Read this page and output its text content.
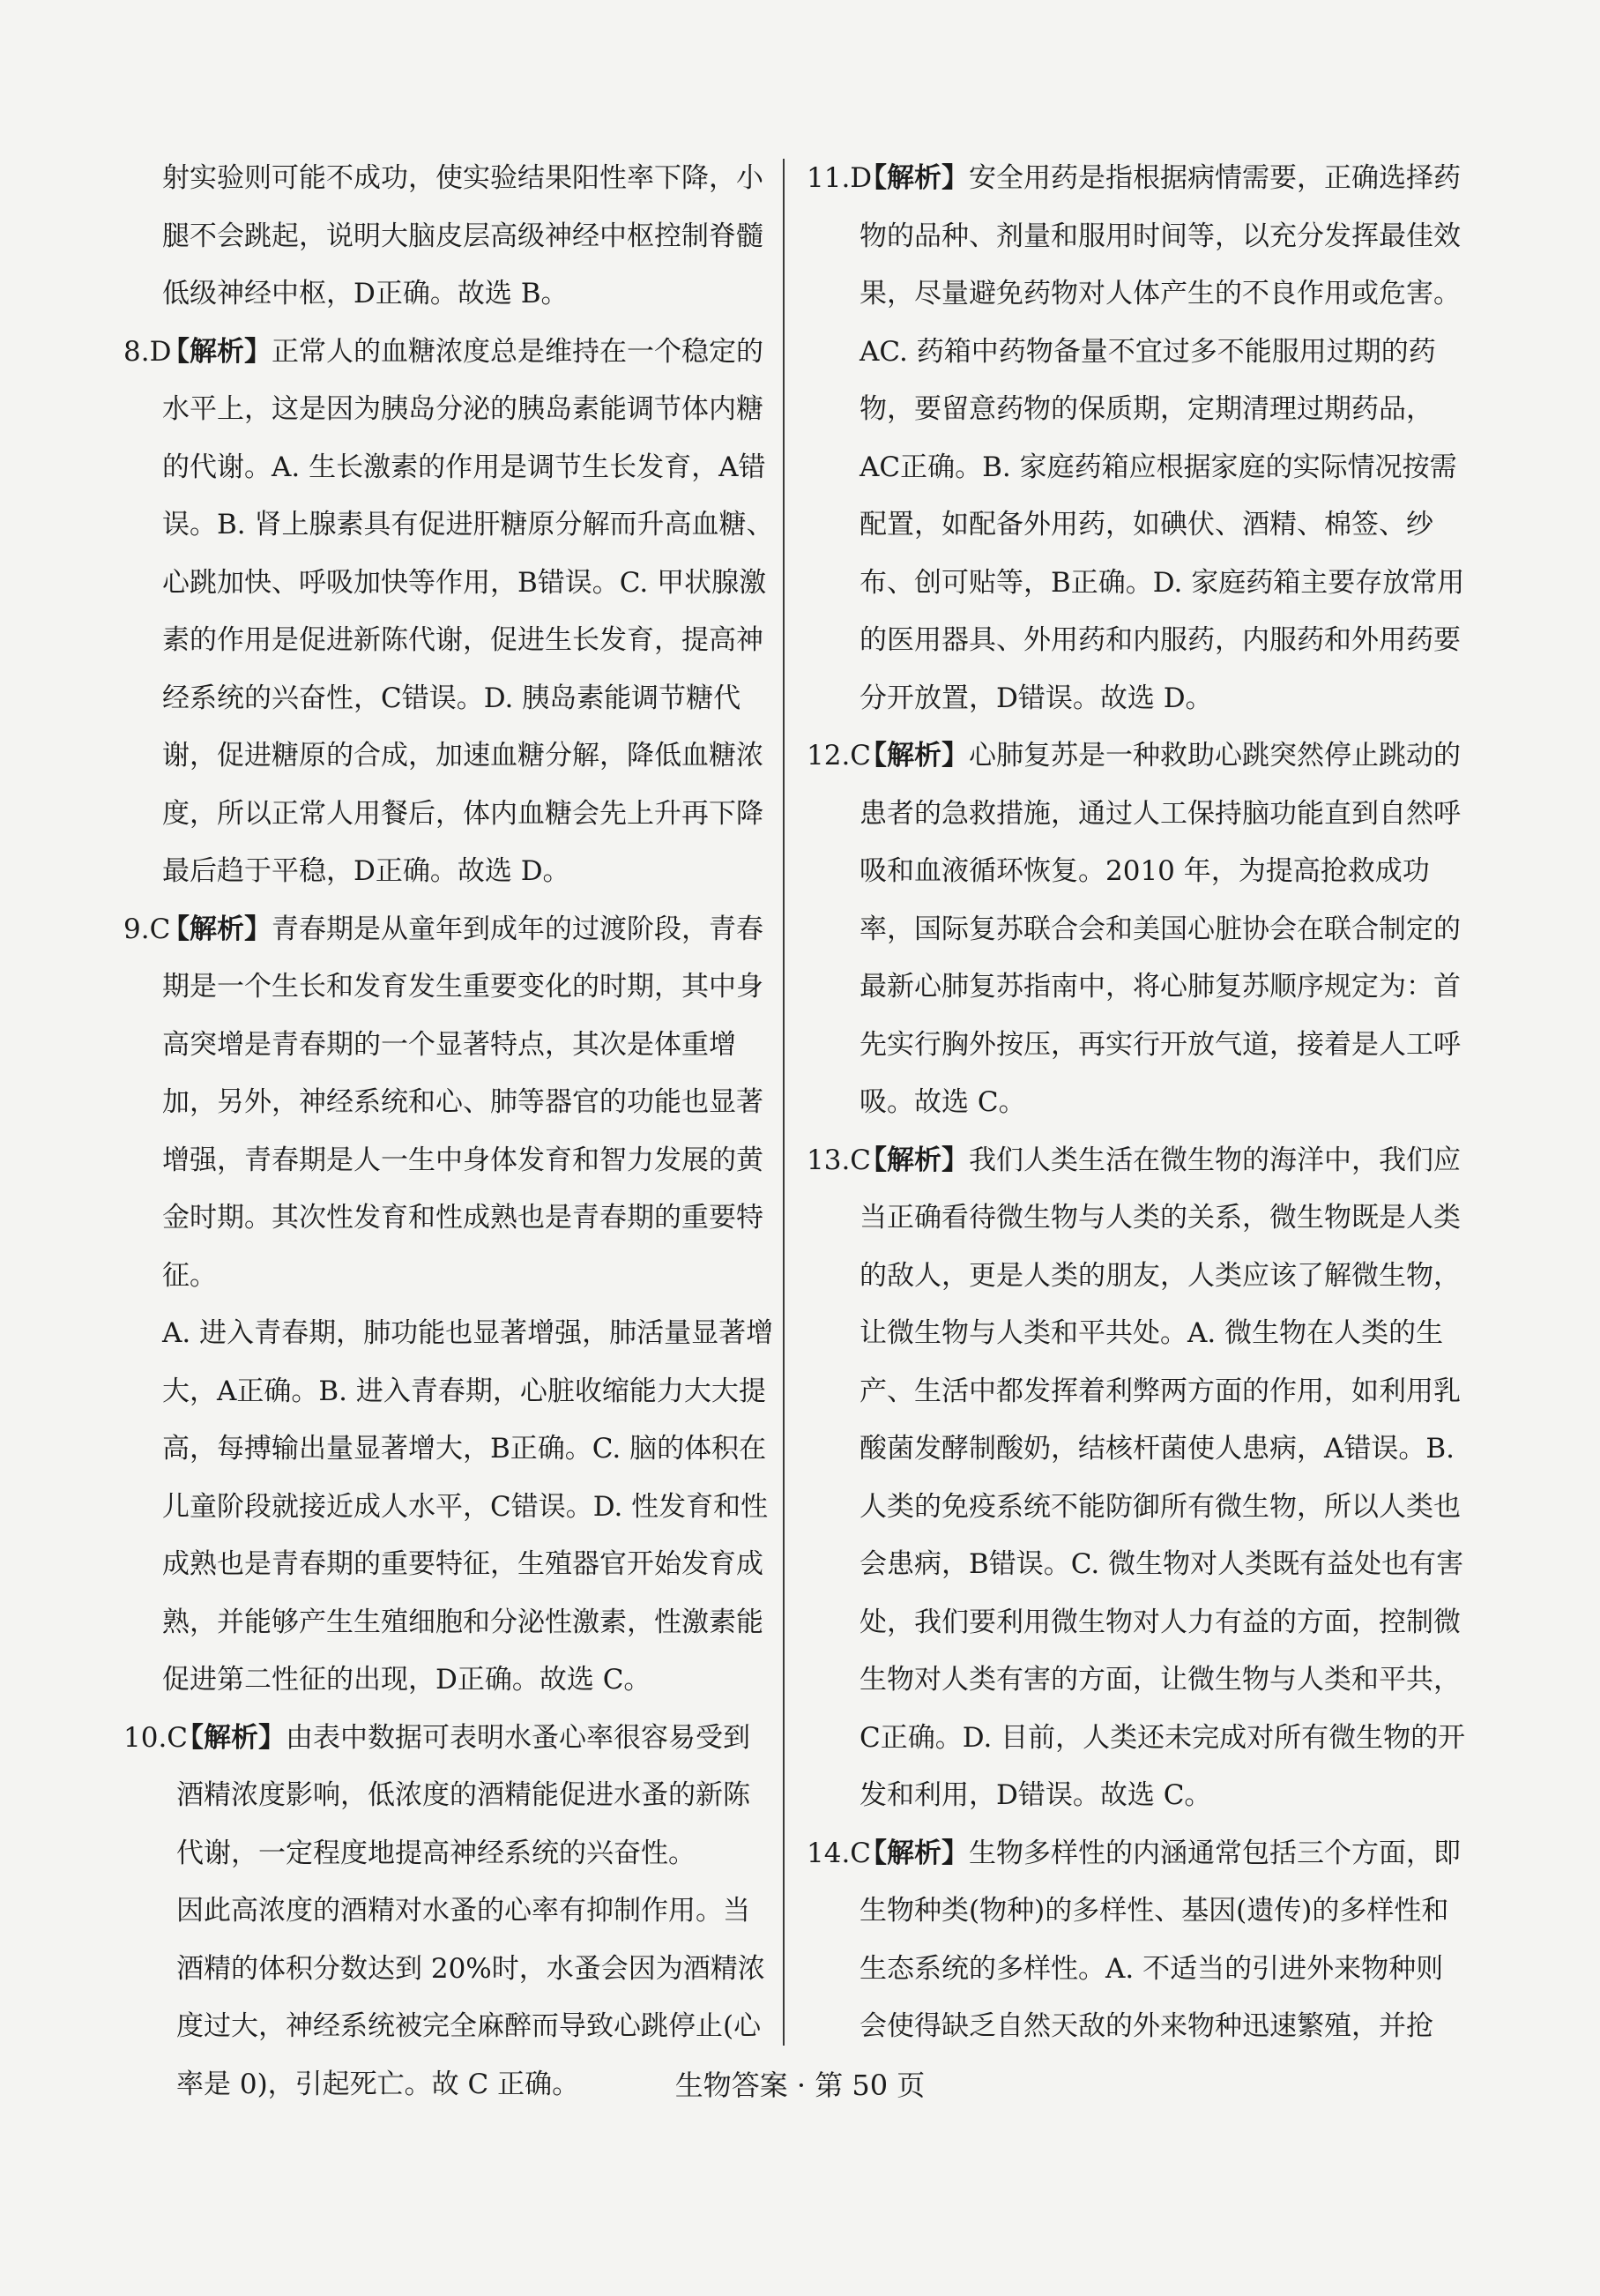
射实验则可能不成功，使实验结果阳性率下降，小腿不会跳起，说明大脑皮层高级神经中枢控制脊髓低级神经中枢，D正确。故选 B。
8.D
【解析】正常人的血糖浓度总是维持在一个稳定的水平上，这是因为胰岛分泌的胰岛素能调节体内糖的代谢。A. 生长激素的作用是调节生长发育，A错误。B. 肾上腺素具有促进肝糖原分解而升高血糖、心跳加快、呼吸加快等作用，B错误。C. 甲状腺激素的作用是促进新陈代谢，促进生长发育，提高神经系统的兴奋性，C错误。D. 胰岛素能调节糖代谢，促进糖原的合成，加速血糖分解，降低血糖浓度，所以正常人用餐后，体内血糖会先上升再下降最后趋于平稳，D正确。故选 D。
9.C
【解析】青春期是从童年到成年的过渡阶段，青春期是一个生长和发育发生重要变化的时期，其中身高突增是青春期的一个显著特点，其次是体重增加，另外，神经系统和心、肺等器官的功能也显著增强，青春期是人一生中身体发育和智力发展的黄金时期。其次性发育和性成熟也是青春期的重要特征。
A. 进入青春期，肺功能也显著增强，肺活量显著增大，A正确。B. 进入青春期，心脏收缩能力大大提高，每搏输出量显著增大，B正确。C. 脑的体积在儿童阶段就接近成人水平，C错误。D. 性发育和性成熟也是青春期的重要特征，生殖器官开始发育成熟，并能够产生生殖细胞和分泌性激素，性激素能促进第二性征的出现，D正确。故选 C。
10.C
【解析】由表中数据可表明水蚤心率很容易受到酒精浓度影响，低浓度的酒精能促进水蚤的新陈代谢，一定程度地提高神经系统的兴奋性。
因此高浓度的酒精对水蚤的心率有抑制作用。当酒精的体积分数达到 20%时，水蚤会因为酒精浓度过大，神经系统被完全麻醉而导致心跳停止(心率是 0)，引起死亡。故 C 正确。
11.D
【解析】安全用药是指根据病情需要，正确选择药物的品种、剂量和服用时间等，以充分发挥最佳效果，尽量避免药物对人体产生的不良作用或危害。
AC. 药箱中药物备量不宜过多不能服用过期的药物，要留意药物的保质期，定期清理过期药品，AC正确。B. 家庭药箱应根据家庭的实际情况按需配置，如配备外用药，如碘伏、酒精、棉签、纱布、创可贴等，B正确。D. 家庭药箱主要存放常用的医用器具、外用药和内服药，内服药和外用药要分开放置，D错误。故选 D。
12.C
【解析】心肺复苏是一种救助心跳突然停止跳动的患者的急救措施，通过人工保持脑功能直到自然呼吸和血液循环恢复。2010 年，为提高抢救成功率，国际复苏联合会和美国心脏协会在联合制定的最新心肺复苏指南中，将心肺复苏顺序规定为：首先实行胸外按压，再实行开放气道，接着是人工呼吸。故选 C。
13.C
【解析】我们人类生活在微生物的海洋中，我们应当正确看待微生物与人类的关系，微生物既是人类的敌人，更是人类的朋友，人类应该了解微生物，让微生物与人类和平共处。A. 微生物在人类的生产、生活中都发挥着利弊两方面的作用，如利用乳酸菌发酵制酸奶，结核杆菌使人患病，A错误。B. 人类的免疫系统不能防御所有微生物，所以人类也会患病，B错误。C. 微生物对人类既有益处也有害处，我们要利用微生物对人力有益的方面，控制微生物对人类有害的方面，让微生物与人类和平共，C正确。D. 目前，人类还未完成对所有微生物的开发和利用，D错误。故选 C。
14.C
【解析】生物多样性的内涵通常包括三个方面，即生物种类(物种)的多样性、基因(遗传)的多样性和生态系统的多样性。A. 不适当的引进外来物种则会使得缺乏自然天敌的外来物种迅速繁殖，并抢
生物答案 · 第 50 页
